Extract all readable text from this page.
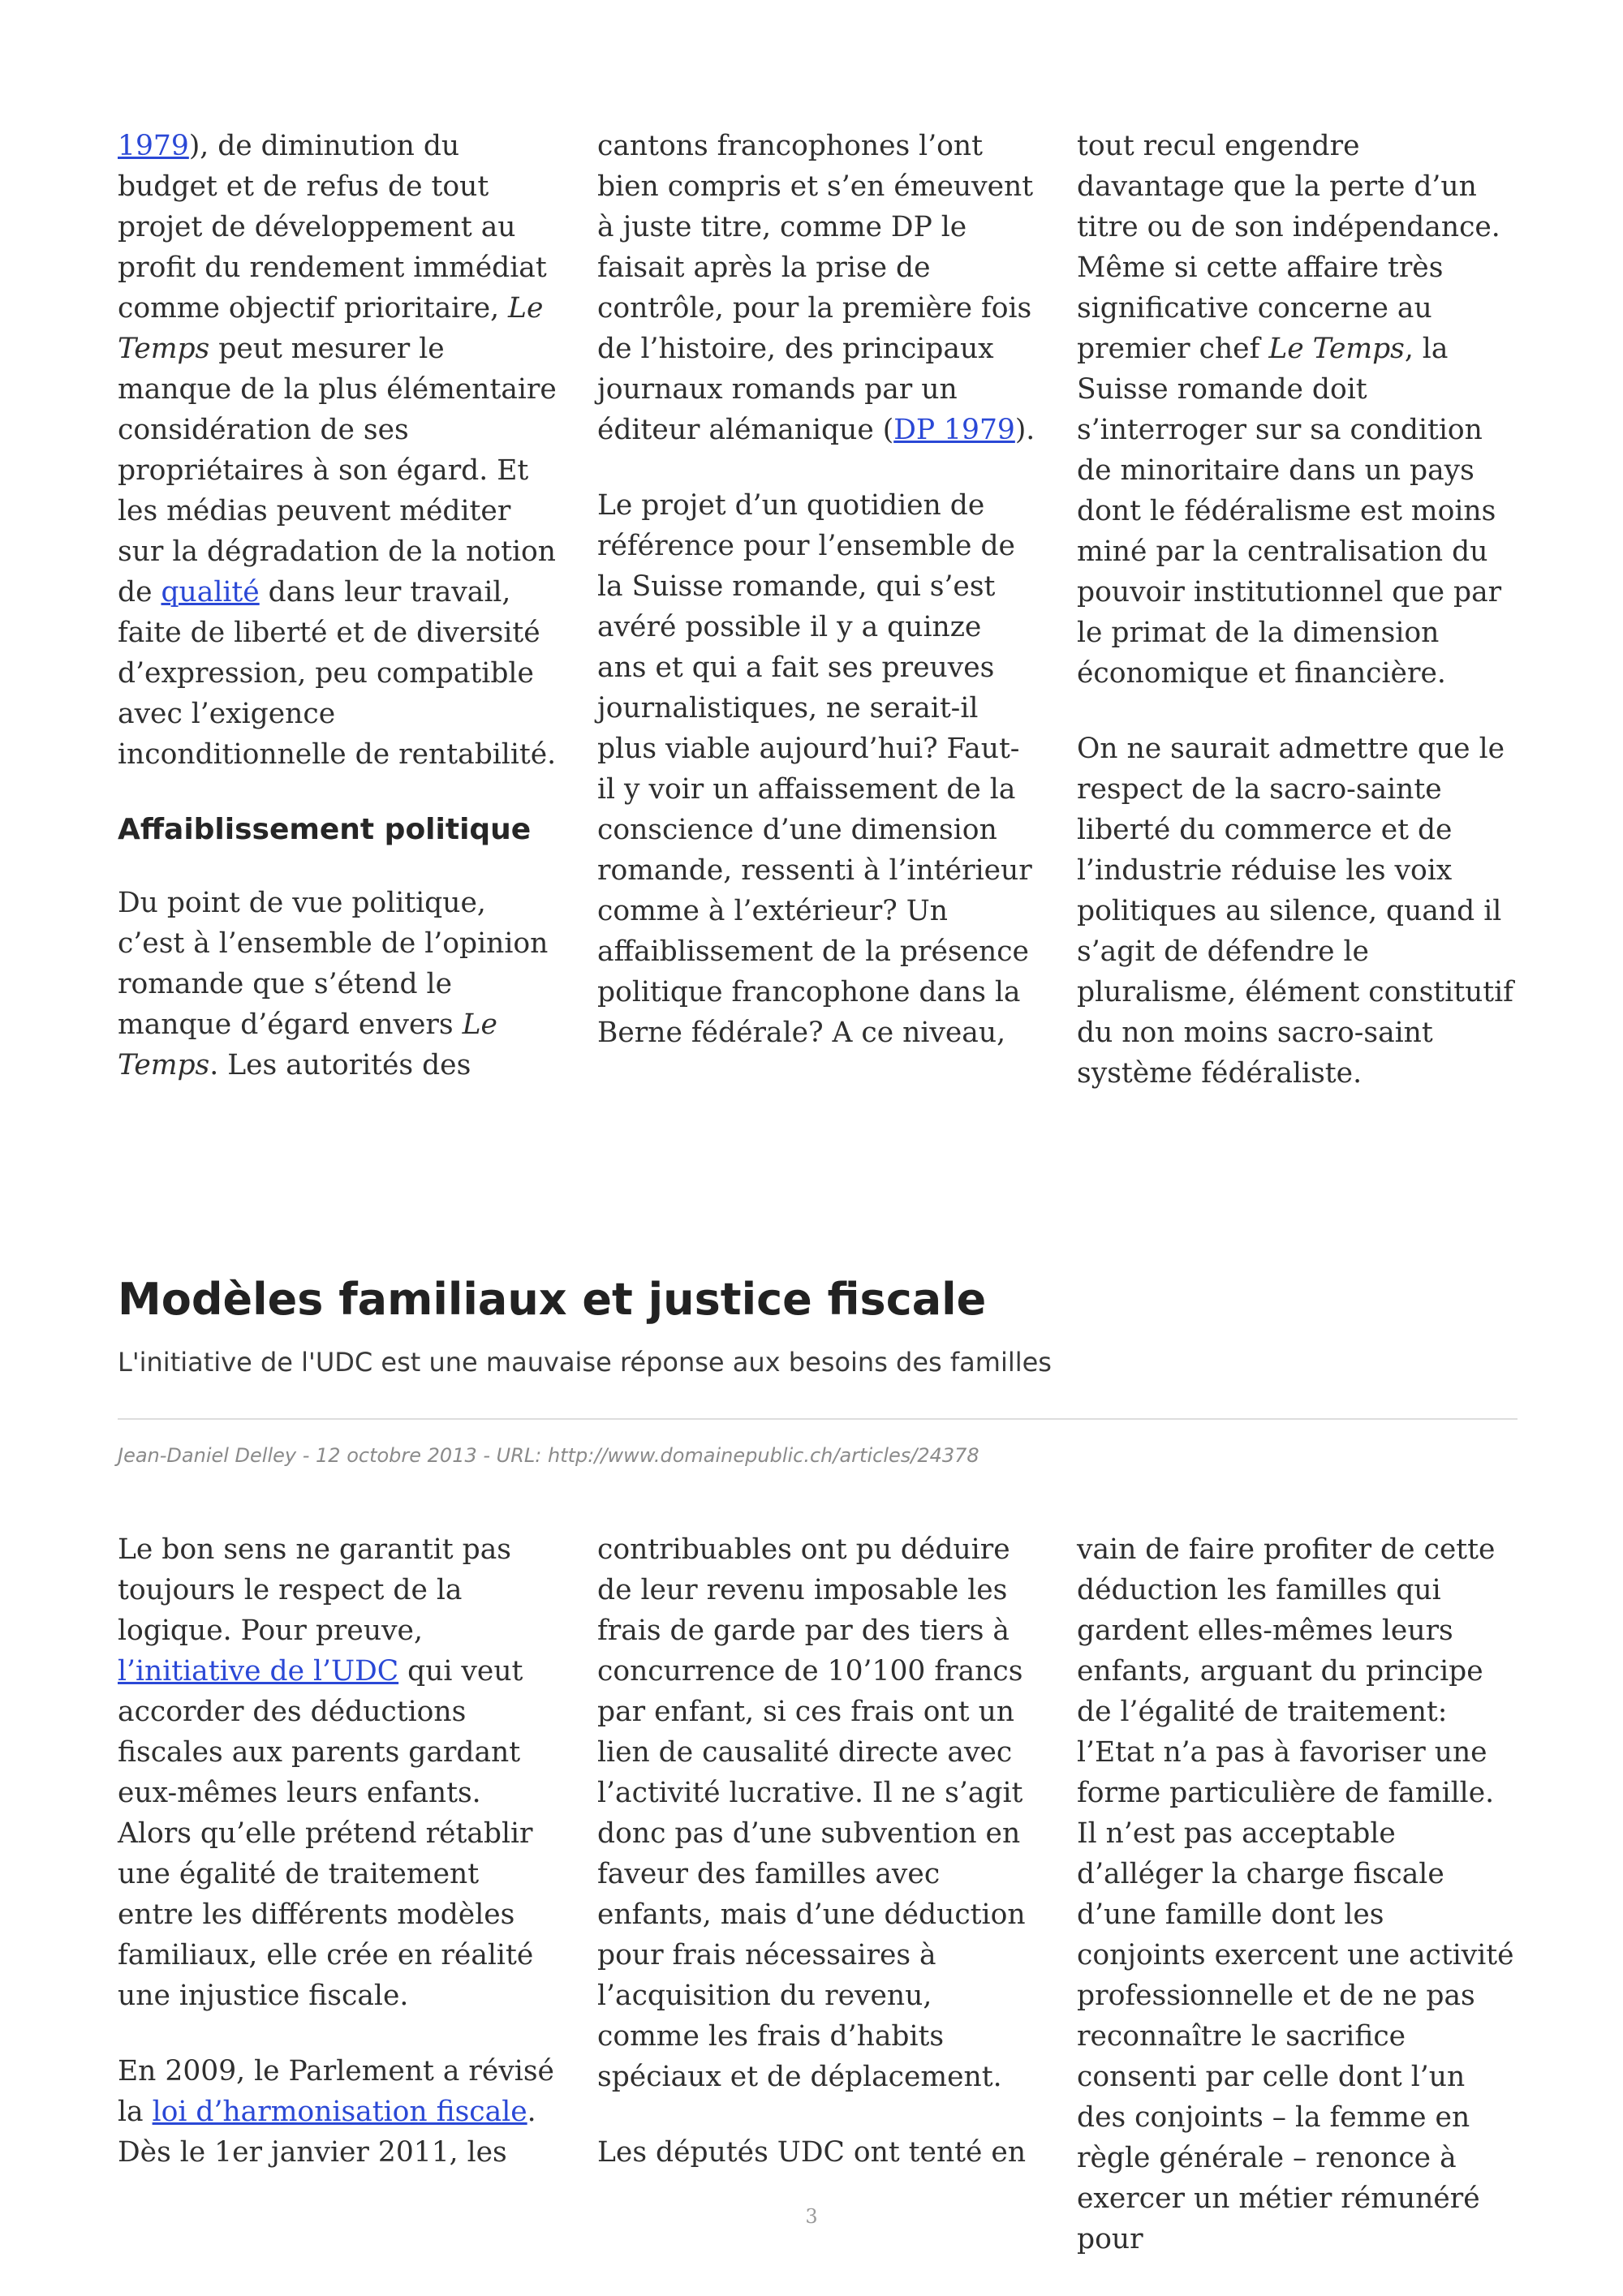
1979), de diminution du budget et de refus de tout projet de développement au profit du rendement immédiat comme objectif prioritaire, Le Temps peut mesurer le manque de la plus élémentaire considération de ses propriétaires à son égard. Et les médias peuvent méditer sur la dégradation de la notion de qualité dans leur travail, faite de liberté et de diversité d’expression, peu compatible avec l’exigence inconditionnelle de rentabilité.

Affaiblissement politique

Du point de vue politique, c’est à l’ensemble de l’opinion romande que s’étend le manque d’égard envers Le Temps. Les autorités des

cantons francophones l’ont bien compris et s’en émeuvent à juste titre, comme DP le faisait après la prise de contrôle, pour la première fois de l’histoire, des principaux journaux romands par un éditeur alémanique (DP 1979).

Le projet d’un quotidien de référence pour l’ensemble de la Suisse romande, qui s’est avéré possible il y a quinze ans et qui a fait ses preuves journalistiques, ne serait-il plus viable aujourd’hui? Faut-il y voir un affaissement de la conscience d’une dimension romande, ressenti à l’intérieur comme à l’extérieur? Un affaiblissement de la présence politique francophone dans la Berne fédérale? A ce niveau,

tout recul engendre davantage que la perte d’un titre ou de son indépendance.

Même si cette affaire très significative concerne au premier chef Le Temps, la Suisse romande doit s’interroger sur sa condition de minoritaire dans un pays dont le fédéralisme est moins miné par la centralisation du pouvoir institutionnel que par le primat de la dimension économique et financière.

On ne saurait admettre que le respect de la sacro-sainte liberté du commerce et de l’industrie réduise les voix politiques au silence, quand il s’agit de défendre le pluralisme, élément constitutif du non moins sacro-saint système fédéraliste.

Modèles familiaux et justice fiscale

L'initiative de l'UDC est une mauvaise réponse aux besoins des familles

Jean-Daniel Delley - 12 octobre 2013 - URL: http://www.domainepublic.ch/articles/24378

Le bon sens ne garantit pas toujours le respect de la logique. Pour preuve, l’initiative de l’UDC qui veut accorder des déductions fiscales aux parents gardant eux-mêmes leurs enfants. Alors qu’elle prétend rétablir une égalité de traitement entre les différents modèles familiaux, elle crée en réalité une injustice fiscale.

En 2009, le Parlement a révisé la loi d’harmonisation fiscale. Dès le 1er janvier 2011, les

contribuables ont pu déduire de leur revenu imposable les frais de garde par des tiers à concurrence de 10’100 francs par enfant, si ces frais ont un lien de causalité directe avec l’activité lucrative. Il ne s’agit donc pas d’une subvention en faveur des familles avec enfants, mais d’une déduction pour frais nécessaires à l’acquisition du revenu, comme les frais d’habits spéciaux et de déplacement.

Les députés UDC ont tenté en

vain de faire profiter de cette déduction les familles qui gardent elles-mêmes leurs enfants, arguant du principe de l’égalité de traitement: l’Etat n’a pas à favoriser une forme particulière de famille. Il n’est pas acceptable d’alléger la charge fiscale d’une famille dont les conjoints exercent une activité professionnelle et de ne pas reconnaître le sacrifice consenti par celle dont l’un des conjoints – la femme en règle générale – renonce à exercer un métier rémunéré pour

3
